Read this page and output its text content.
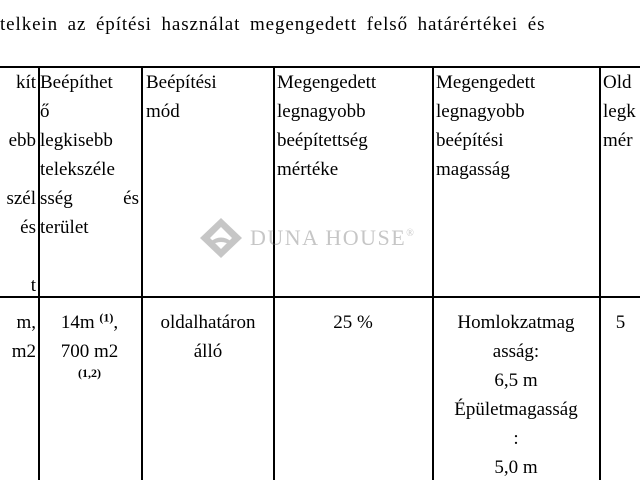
telkein az építési használat megengedett felső határértékei és
kít

ebb

szél
és

t
Beépíthet
ő
legkisebb
telekszéle
sség	és
terület
Beépítési
mód
Megengedett
legnagyobb
beépítettség
mértéke
Megengedett
legnagyobb
beépítési
magasság
Old
legk
mér
m,
m2
14m $^{(1)}$,
700 m2
(1,2)
oldalhatáron
álló
25 %	Homlokzatmag
asság:
6,5 m
Épületmagasság
:
5,0 m
5
DUNA HOUSE®
